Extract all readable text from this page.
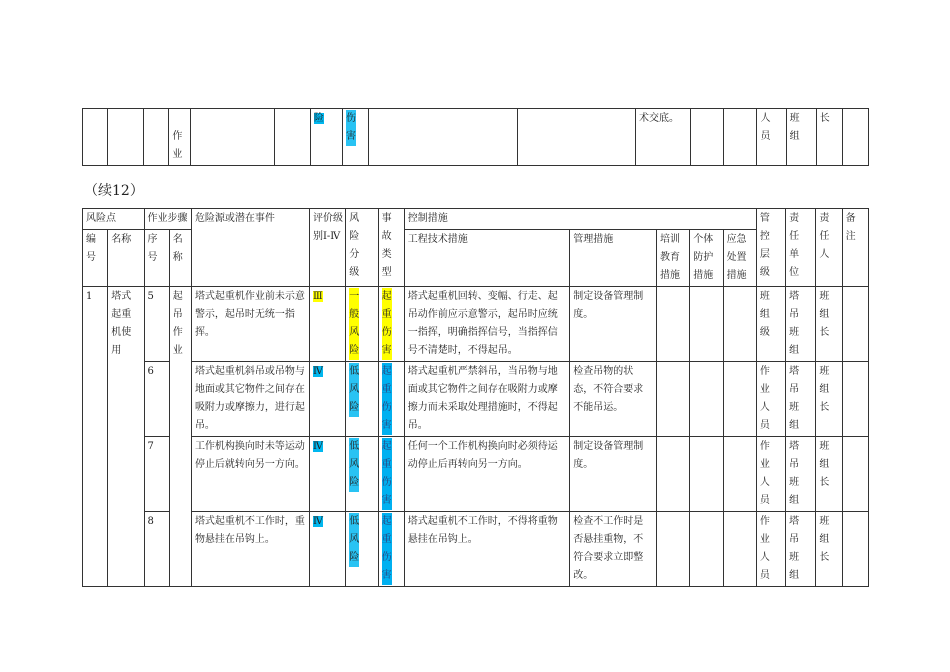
			作业			险	伤害			术交底。			人员	班组	长	
（续12）
风险点		作业步骤		危险源或潜在事件	评价级别Ⅰ-Ⅳ	风险分级	事故类型	控制措施					管控层级	责任单位	责任人	备注
编号	名称	序号	名称					工程技术措施	管理措施	培训教育措施	个体防护措施	应急处置措施				
1	塔式起重机使用	5	起吊作业	塔式起重机作业前未示意警示，起吊时无统一指挥。	Ⅲ	一般风险	起重伤害	塔式起重机回转、变幅、行走、起吊动作前应示意警示，起吊时应统一指挥，明确指挥信号，当指挥信号不清楚时，不得起吊。	制定设备管理制度。				班组级	塔吊班组	班组长	
		6		塔式起重机斜吊或吊物与地面或其它物件之间存在吸附力或摩擦力，进行起吊。	Ⅳ	低风险	起重伤害	塔式起重机严禁斜吊，当吊物与地面或其它物件之间存在吸附力或摩擦力而未采取处理措施时，不得起吊。	检查吊物的状态，不符合要求不能吊运。				作业人员	塔吊班组	班组长	
		7		工作机构换向时未等运动停止后就转向另一方向。	Ⅳ	低风险	起重伤害	任何一个工作机构换向时必须待运动停止后再转向另一方向。	制定设备管理制度。				作业人员	塔吊班组	班组长	
		8		塔式起重机不工作时，重物悬挂在吊钩上。	Ⅳ	低风险	起重伤害	塔式起重机不工作时，不得将重物悬挂在吊钩上。	检查不工作时是否悬挂重物，不符合要求立即整改。				作业人员	塔吊班组	班组长	
